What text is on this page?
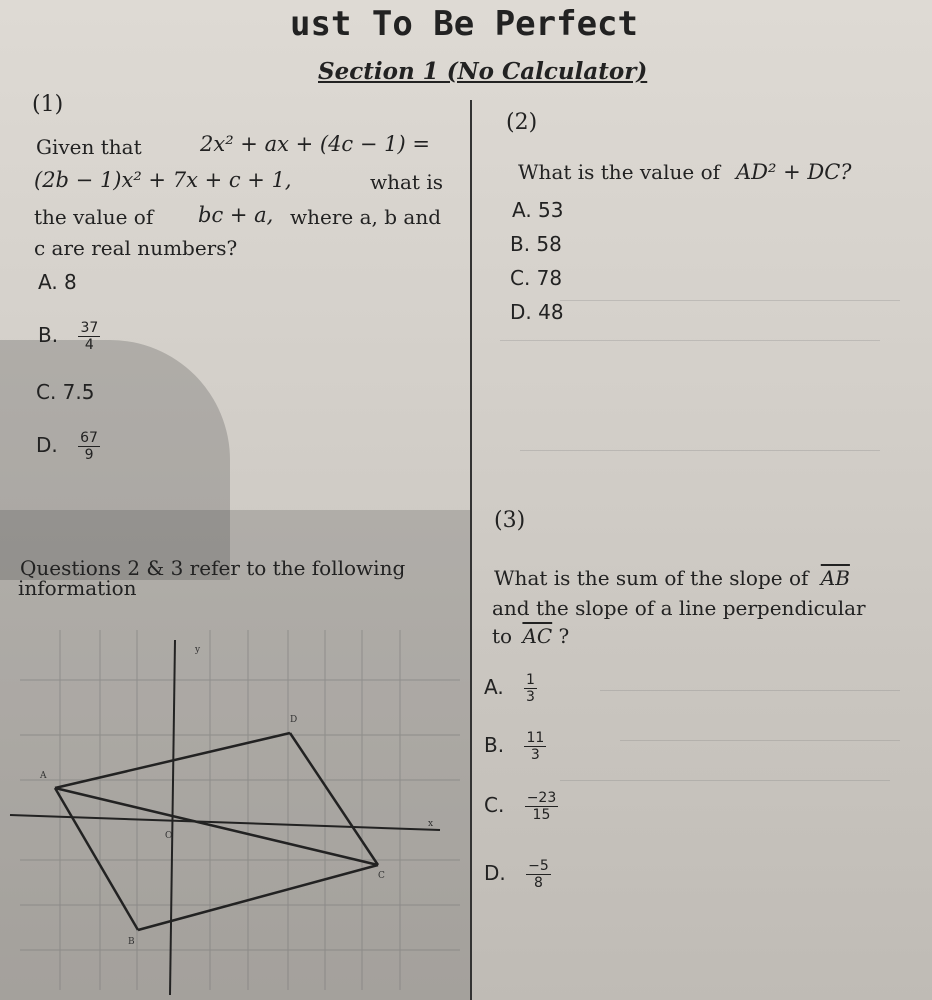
ust To Be Perfect
Section 1 (No Calculator)
(1)
Given that	2x² + ax + (4c − 1) =
(2b − 1)x² + 7x + c + 1,	what is
the value of bc + a, where a, b and
c are real numbers?
A. 8
B. $\frac{37}{4}$
C. 7.5
D. $\frac{67}{9}$
(2)
What is the value of AD² + DC?
A. 53
B. 58
C. 78
D. 48
Questions 2 & 3 refer to the following
information
y
x
A
B
C
D
O
(3)
What is the sum of the slope of $\overline{AB}$
and the slope of a line perpendicular
to $\overline{AC}$ ?
A. $\frac{1}{3}$
B. $\frac{11}{3}$
C. $\frac{-23}{15}$
D. $\frac{-5}{8}$
